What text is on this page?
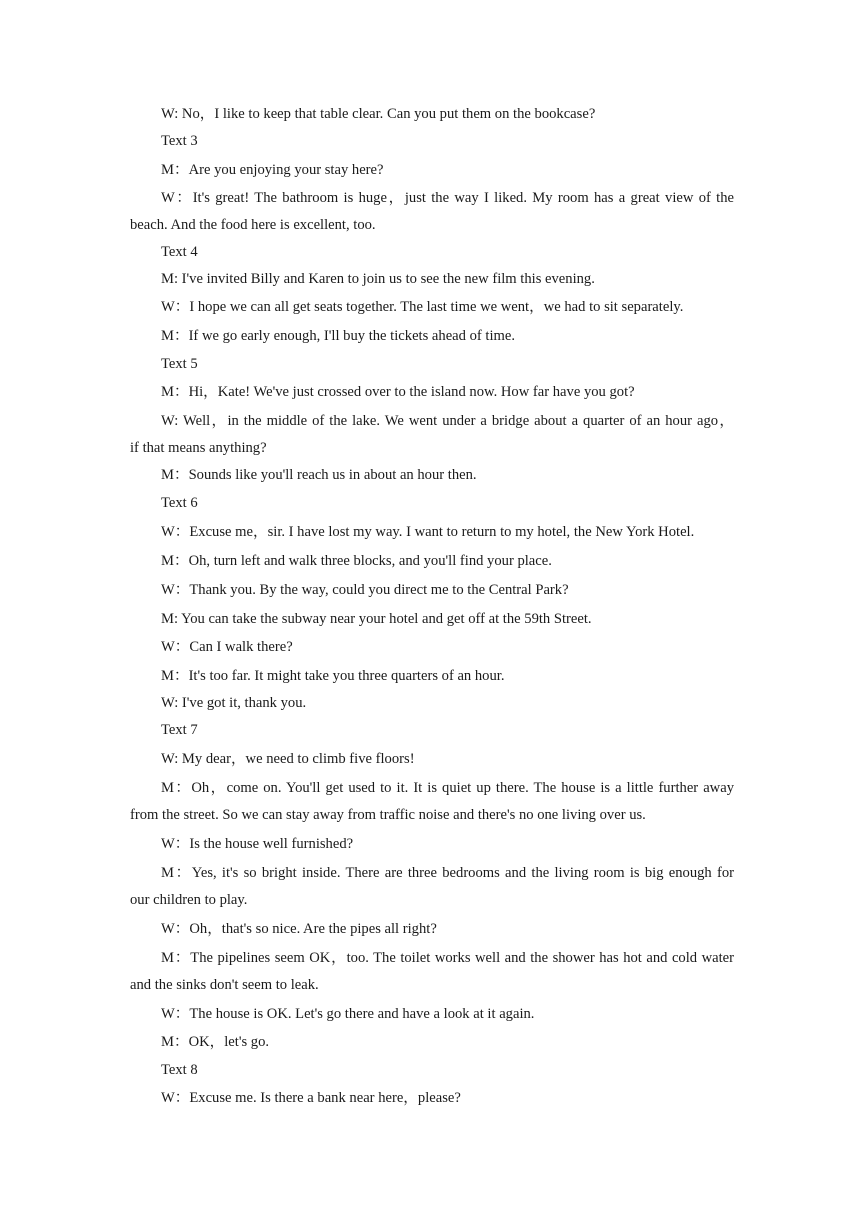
W: No，I like to keep that table clear. Can you put them on the bookcase?
Text 3
M：Are you enjoying your stay here?
W：It's great! The bathroom is huge，just the way I liked. My room has a great view of the
beach. And the food here is excellent, too.
Text 4
M: I've invited Billy and Karen to join us to see the new film this evening.
W：I hope we can all get seats together. The last time we went，we had to sit separately.
M：If we go early enough, I'll buy the tickets ahead of time.
Text 5
M：Hi，Kate! We've just crossed over to the island now. How far have you got?
W: Well，in the middle of the lake. We went under a bridge about a quarter of an hour ago，
if that means anything?
M：Sounds like you'll reach us in about an hour then.
Text 6
W：Excuse me，sir. I have lost my way. I want to return to my hotel, the New York Hotel.
M：Oh, turn left and walk three blocks, and you'll find your place.
W：Thank you. By the way, could you direct me to the Central Park?
M: You can take the subway near your hotel and get off at the 59th Street.
W：Can I walk there?
M：It's too far. It might take you three quarters of an hour.
W: I've got it, thank you.
Text 7
W: My dear，we need to climb five floors!
M：Oh，come on. You'll get used to it. It is quiet up there. The house is a little further away
from the street. So we can stay away from traffic noise and there's no one living over us.
W：Is the house well furnished?
M：Yes, it's so bright inside. There are three bedrooms and the living room is big enough for
our children to play.
W：Oh，that's so nice. Are the pipes all right?
M：The pipelines seem OK，too. The toilet works well and the shower has hot and cold water
and the sinks don't seem to leak.
W：The house is OK. Let's go there and have a look at it again.
M：OK，let's go.
Text 8
W：Excuse me. Is there a bank near here，please?
